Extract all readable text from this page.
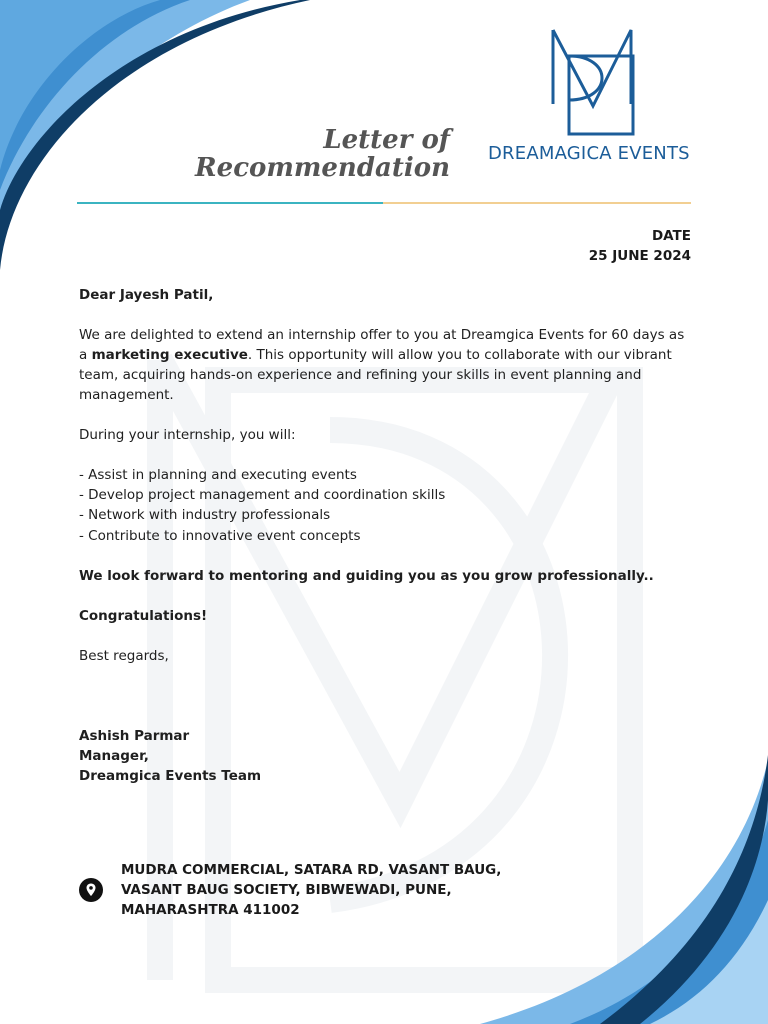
Letter of
Recommendation DREAMAGICA EVENTS
DATE
25 JUNE 2024

Dear Jayesh Patil,

We are delighted to extend an internship offer to you at Dreamgica Events for 60 days as a marketing executive. This opportunity will allow you to collaborate with our vibrant team, acquiring hands-on experience and refining your skills in event planning and management.

During your internship, you will:

- Assist in planning and executing events
- Develop project management and coordination skills
- Network with industry professionals
- Contribute to innovative event concepts

We look forward to mentoring and guiding you as you grow professionally..

Congratulations!

Best regards,

Ashish Parmar
Manager,
Dreamgica Events Team
MUDRA COMMERCIAL, SATARA RD, VASANT BAUG,
VASANT BAUG SOCIETY, BIBWEWADI, PUNE,
MAHARASHTRA 411002
